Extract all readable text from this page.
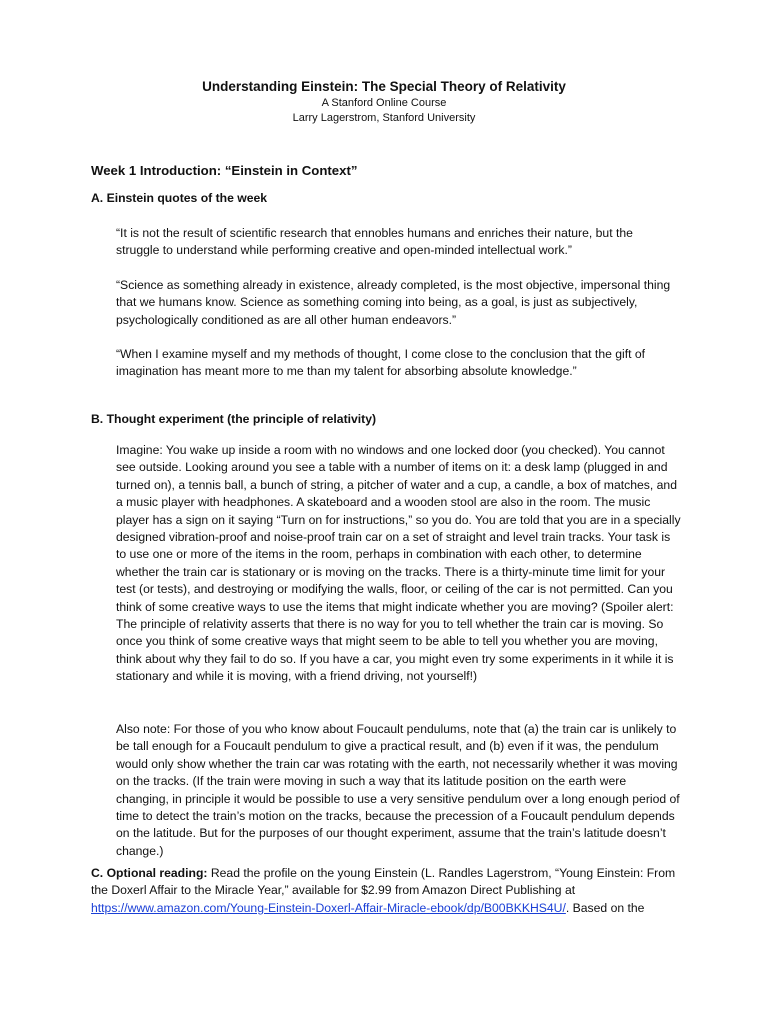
Understanding Einstein: The Special Theory of Relativity
A Stanford Online Course
Larry Lagerstrom, Stanford University
Week 1 Introduction: “Einstein in Context”
A. Einstein quotes of the week

“It is not the result of scientific research that ennobles humans and enriches their nature, but the struggle to understand while performing creative and open-minded intellectual work.”

“Science as something already in existence, already completed, is the most objective, impersonal thing that we humans know. Science as something coming into being, as a goal, is just as subjectively, psychologically conditioned as are all other human endeavors.”

“When I examine myself and my methods of thought, I come close to the conclusion that the gift of imagination has meant more to me than my talent for absorbing absolute knowledge.”

B. Thought experiment (the principle of relativity)

Imagine: You wake up inside a room with no windows and one locked door (you checked). You cannot see outside. Looking around you see a table with a number of items on it: a desk lamp (plugged in and turned on), a tennis ball, a bunch of string, a pitcher of water and a cup, a candle, a box of matches, and a music player with headphones. A skateboard and a wooden stool are also in the room. The music player has a sign on it saying “Turn on for instructions,” so you do. You are told that you are in a specially designed vibration-proof and noise-proof train car on a set of straight and level train tracks. Your task is to use one or more of the items in the room, perhaps in combination with each other, to determine whether the train car is stationary or is moving on the tracks. There is a thirty-minute time limit for your test (or tests), and destroying or modifying the walls, floor, or ceiling of the car is not permitted. Can you think of some creative ways to use the items that might indicate whether you are moving? (Spoiler alert: The principle of relativity asserts that there is no way for you to tell whether the train car is moving. So once you think of some creative ways that might seem to be able to tell you whether you are moving, think about why they fail to do so. If you have a car, you might even try some experiments in it while it is stationary and while it is moving, with a friend driving, not yourself!)

Also note: For those of you who know about Foucault pendulums, note that (a) the train car is unlikely to be tall enough for a Foucault pendulum to give a practical result, and (b) even if it was, the pendulum would only show whether the train car was rotating with the earth, not necessarily whether it was moving on the tracks. (If the train were moving in such a way that its latitude position on the earth were changing, in principle it would be possible to use a very sensitive pendulum over a long enough period of time to detect the train’s motion on the tracks, because the precession of a Foucault pendulum depends on the latitude. But for the purposes of our thought experiment, assume that the train’s latitude doesn’t change.)

C. Optional reading: Read the profile on the young Einstein (L. Randles Lagerstrom, “Young Einstein: From the Doxerl Affair to the Miracle Year,” available for $2.99 from Amazon Direct Publishing at https://www.amazon.com/Young-Einstein-Doxerl-Affair-Miracle-ebook/dp/B00BKKHS4U/. Based on the
